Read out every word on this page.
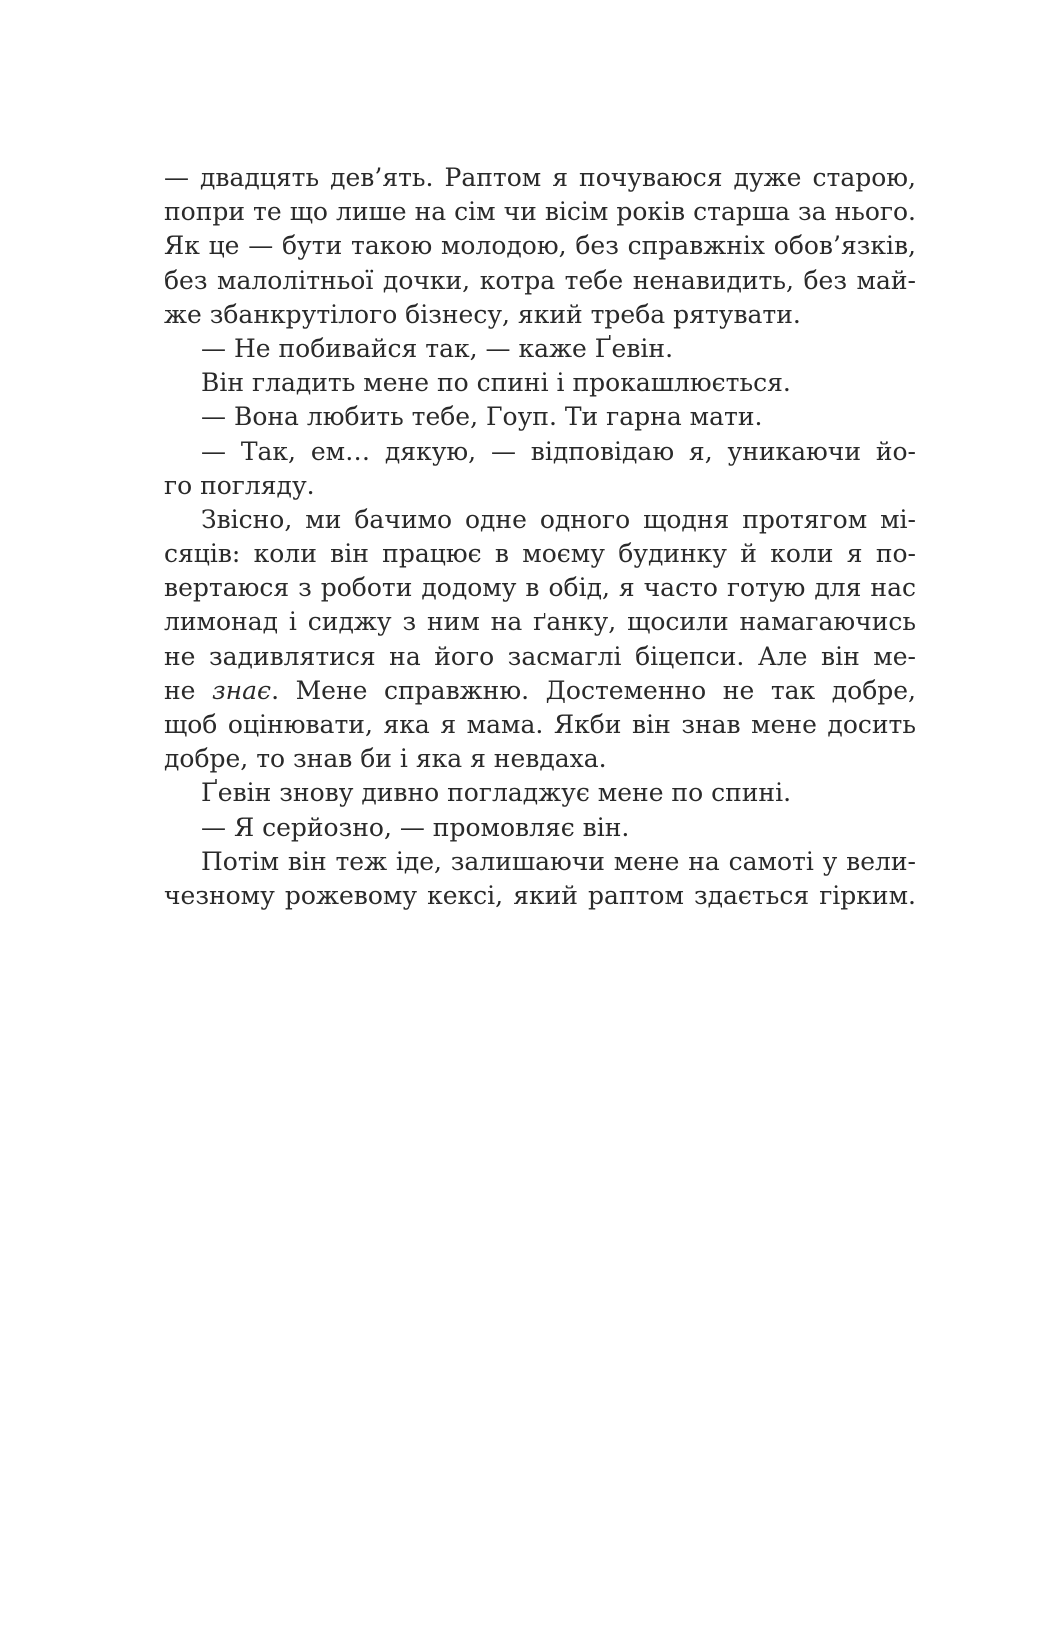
— двадцять дев’ять. Раптом я почуваюся дуже старою,
попри те що лише на сім чи вісім років старша за нього.
Як це — бути такою молодою, без справжніх обов’язків,
без малолітньої дочки, котра тебе ненавидить, без май-
же збанкрутілого бізнесу, який треба рятувати.
— Не побивайся так, — каже Ґевін.
Він гладить мене по спині і прокашлюється.
— Вона любить тебе, Гоуп. Ти гарна мати.
— Так, ем… дякую, — відповідаю я, уникаючи йо-
го погляду.
Звісно, ми бачимо одне одного щодня протягом мі-
сяців: коли він працює в моєму будинку й коли я по-
вертаюся з роботи додому в обід, я часто готую для нас
лимонад і сиджу з ним на ґанку, щосили намагаючись
не задивлятися на його засмаглі біцепси. Але він ме-
не знає. Мене справжню. Достеменно не так добре,
щоб оцінювати, яка я мама. Якби він знав мене досить
добре, то знав би і яка я невдаха.
Ґевін знову дивно погладжує мене по спині.
— Я серйозно, — промовляє він.
Потім він теж іде, залишаючи мене на самоті у вели-
чезному рожевому кексі, який раптом здається гірким.
